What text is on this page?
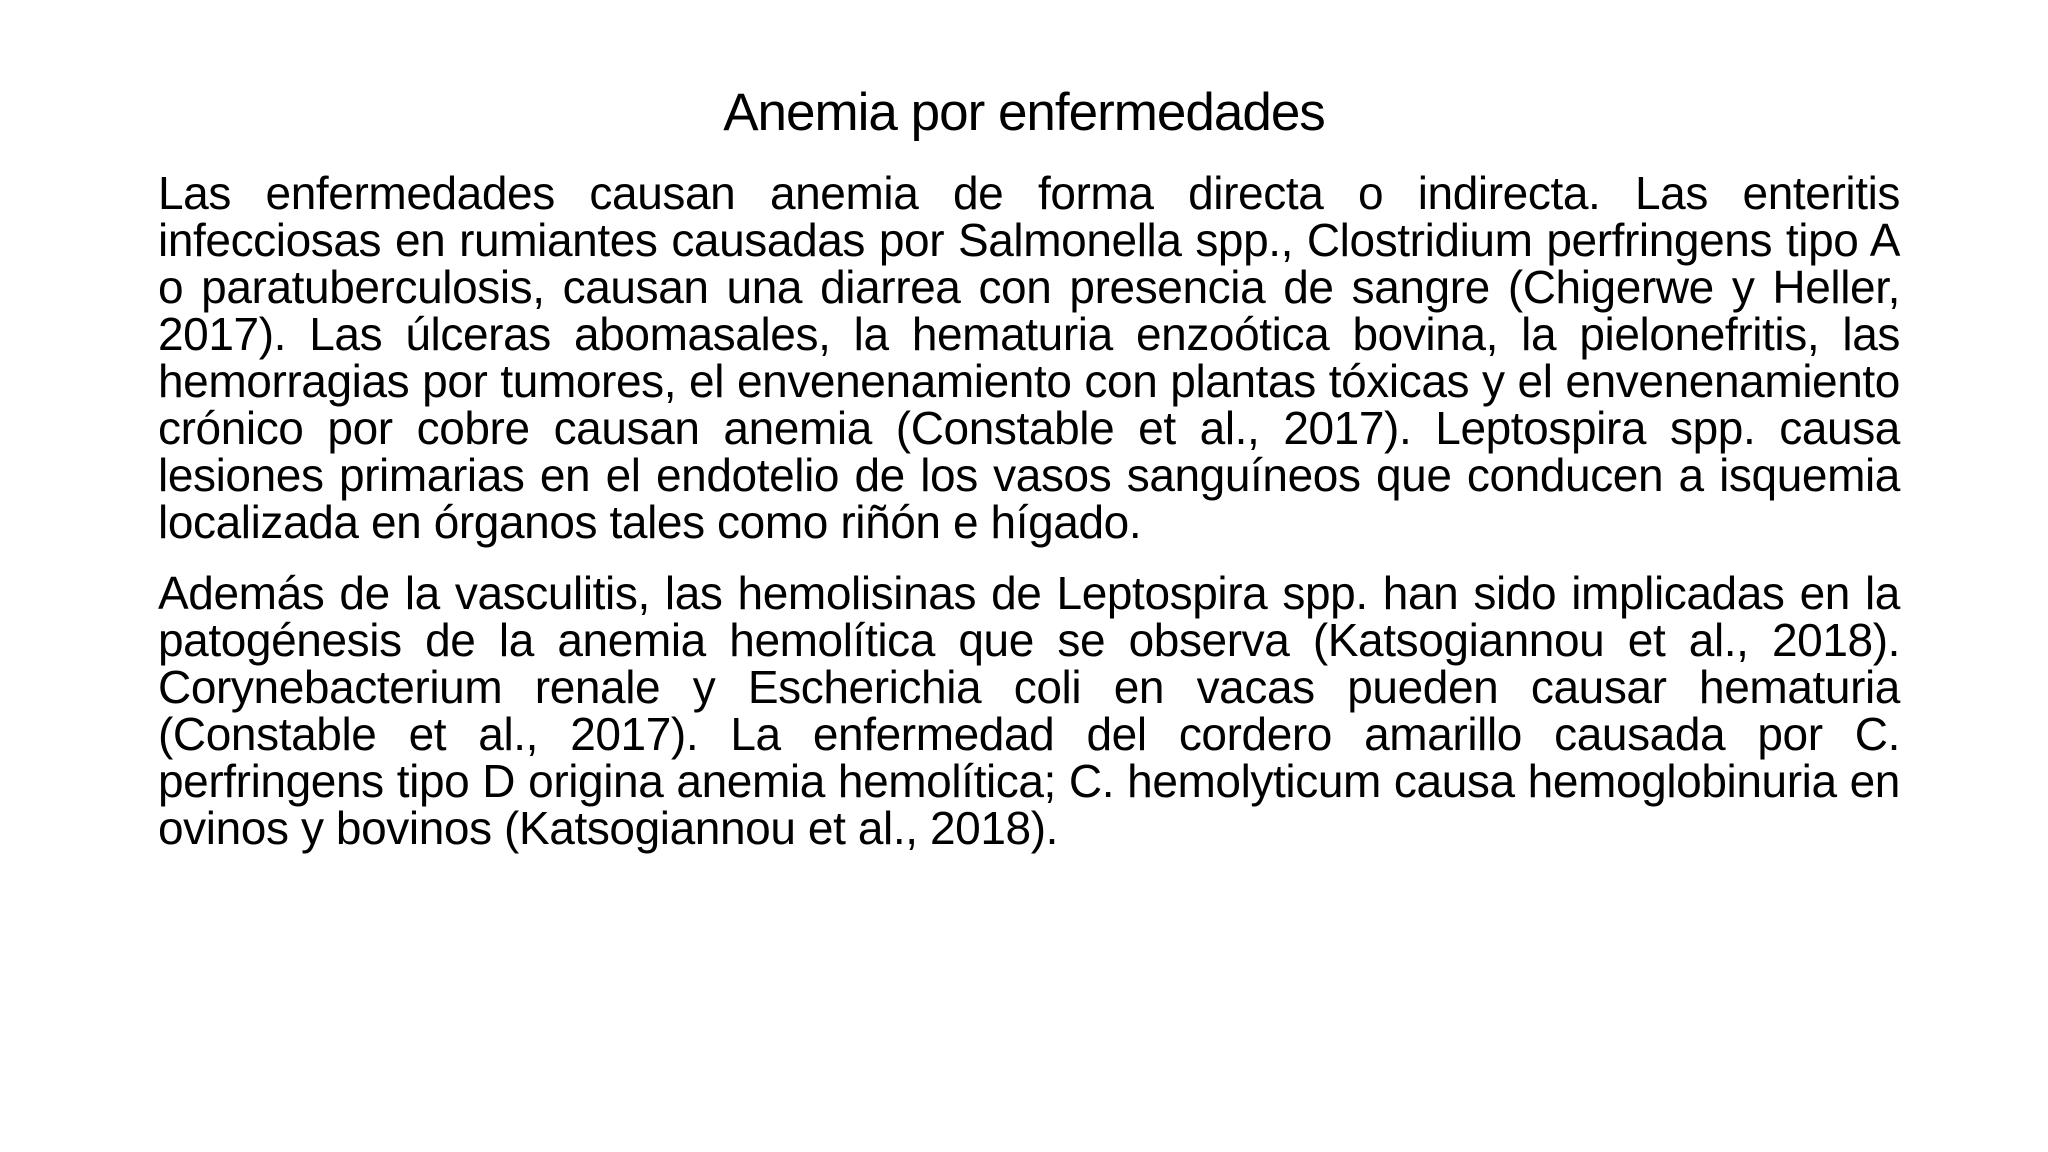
Anemia por enfermedades

Las enfermedades causan anemia de forma directa o indirecta. Las enteritis infecciosas en rumiantes causadas por Salmonella spp., Clostridium perfringens tipo A o paratuberculosis, causan una diarrea con presencia de sangre (Chigerwe y Heller, 2017). Las úlceras abomasales, la hematuria enzoótica bovina, la pielonefritis, las hemorragias por tumores, el envenenamiento con plantas tóxicas y el envenenamiento crónico por cobre causan anemia (Constable et al., 2017). Leptospira spp. causa lesiones primarias en el endotelio de los vasos sanguíneos que conducen a isquemia localizada en órganos tales como riñón e hígado.

Además de la vasculitis, las hemolisinas de Leptospira spp. han sido implicadas en la patogénesis de la anemia hemolítica que se observa (Katsogiannou et al., 2018). Corynebacterium renale y Escherichia coli en vacas pueden causar hematuria (Constable et al., 2017). La enfermedad del cordero amarillo causada por C. perfringens tipo D origina anemia hemolítica; C. hemolyticum causa hemoglobinuria en ovinos y bovinos (Katsogiannou et al., 2018).
